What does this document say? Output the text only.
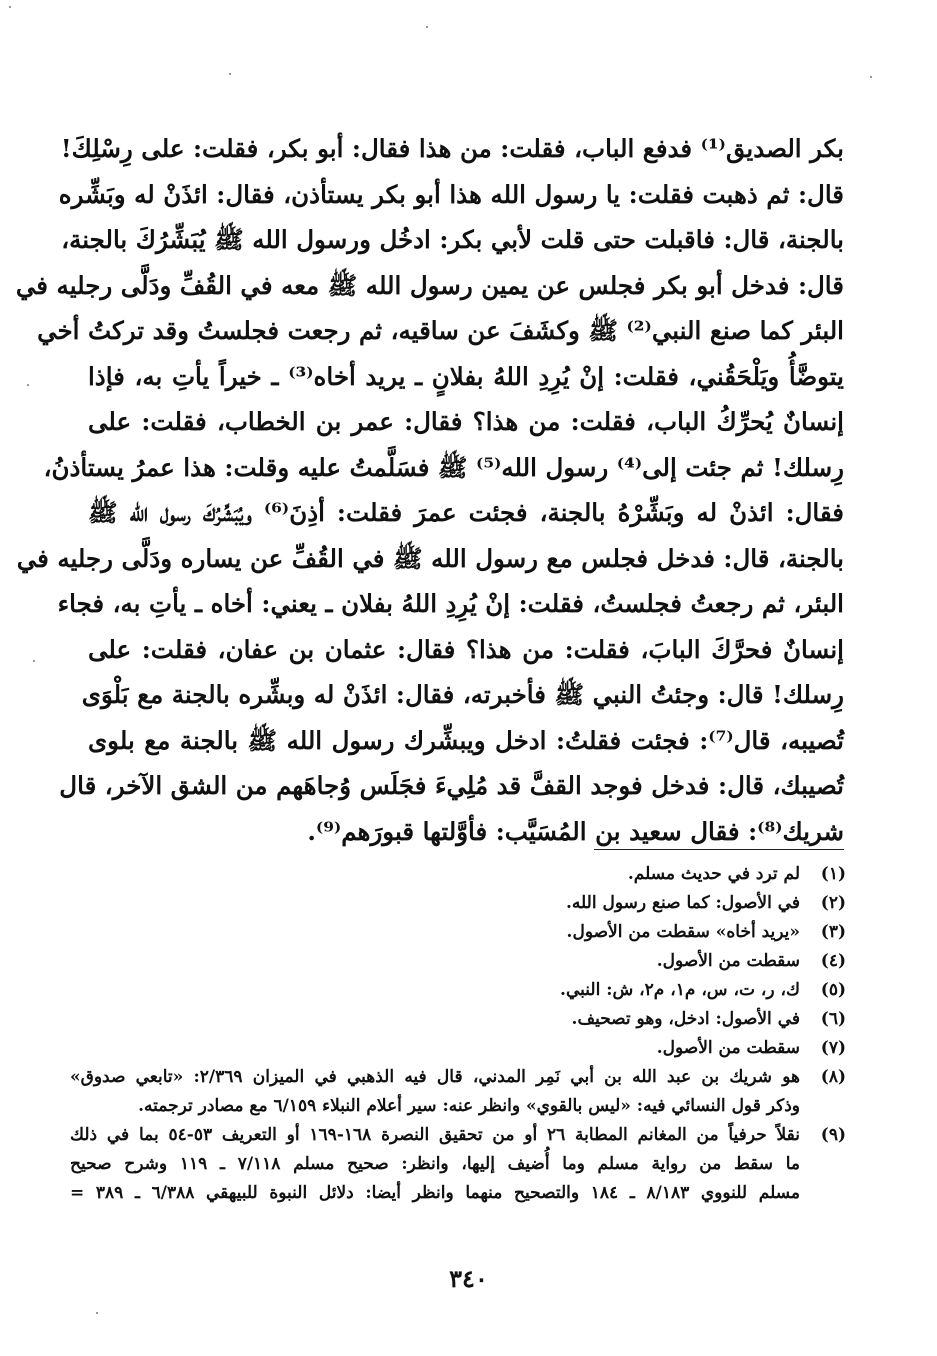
بكر الصديق⁽¹⁾ فدفع الباب، فقلت: من هذا فقال: أبو بكر، فقلت: على رِسْلِكَ!
قال: ثم ذهبت فقلت: يا رسول الله هذا أبو بكر يستأذن، فقال: ائذَنْ له وبَشِّره
بالجنة، قال: فاقبلت حتى قلت لأبي بكر: ادخُل ورسول الله ﷺ يُبَشِّرُكَ بالجنة،
قال: فدخل أبو بكر فجلس عن يمين رسول الله ﷺ معه في القُفِّ ودَلَّى رجليه في
البئر كما صنع النبي⁽²⁾ ﷺ وكشَفَ عن ساقيه، ثم رجعت فجلستُ وقد تركتُ أخي
يتوضَّأُ ويَلْحَقُني، فقلت: إنْ يُرِدِ اللهُ بفلانٍ ـ يريد أخاه⁽³⁾ ـ خيراً يأتِ به، فإذا
إنسانٌ يُحرِّكُ الباب، فقلت: من هذا؟ فقال: عمر بن الخطاب، فقلت: على
رِسلك! ثم جئت إلى⁽⁴⁾ رسول الله⁽⁵⁾ ﷺ فسَلَّمتُ عليه وقلت: هذا عمرُ يستأذنُ،
فقال: ائذنْ له وبَشِّرْهُ بالجنة، فجئت عمرَ فقلت: أذِنَ⁽⁶⁾ ويُبَشِّرُكَ رسول الله ﷺ
بالجنة، قال: فدخل فجلس مع رسول الله ﷺ في القُفِّ عن يساره ودَلَّى رجليه في
البئر، ثم رجعتُ فجلستُ، فقلت: إنْ يُرِدِ اللهُ بفلان ـ يعني: أخاه ـ يأتِ به، فجاء
إنسانٌ فحرَّكَ البابَ، فقلت: من هذا؟ فقال: عثمان بن عفان، فقلت: على
رِسلك! قال: وجئتُ النبي ﷺ فأخبرته، فقال: ائذَنْ له وبشِّره بالجنة مع بَلْوَى
تُصيبه، قال⁽⁷⁾: فجئت فقلتُ: ادخل ويبشِّرك رسول الله ﷺ بالجنة مع بلوى
تُصيبك، قال: فدخل فوجد القفَّ قد مُلِيءَ فجَلَس وُجاهَهم من الشق الآخر، قال
شريك⁽⁸⁾: فقال سعيد بن المُسَيَّب: فأوَّلتها قبورَهم⁽⁹⁾.
(١)
لم ترد في حديث مسلم.
(٢)
في الأصول: كما صنع رسول الله.
(٣)
«يريد أخاه» سقطت من الأصول.
(٤)
سقطت من الأصول.
(٥)
ك، ر، ت، س، م١، م٢، ش: النبي.
(٦)
في الأصول: ادخل، وهو تصحيف.
(٧)
سقطت من الأصول.
(٨)
هو شريك بن عبد الله بن أبي نَمِر المدني، قال فيه الذهبي في الميزان ٢/٣٦٩: «تابعي صدوق»
وذكر قول النسائي فيه: «ليس بالقوي» وانظر عنه: سير أعلام النبلاء ٦/١٥٩ مع مصادر ترجمته.
(٩)
نقلاً حرفياً من المغانم المطابة ٢٦ أو من تحقيق النصرة ١٦٨-١٦٩ أو التعريف ٥٣-٥٤ بما في ذلك
ما سقط من رواية مسلم وما أُضيف إليها، وانظر: صحيح مسلم ٧/١١٨ ـ ١١٩ وشرح صحيح
مسلم للنووي ٨/١٨٣ ـ ١٨٤ والتصحيح منهما وانظر أيضا: دلائل النبوة للبيهقي ٦/٣٨٨ ـ ٣٨٩ =
٣٤٠
